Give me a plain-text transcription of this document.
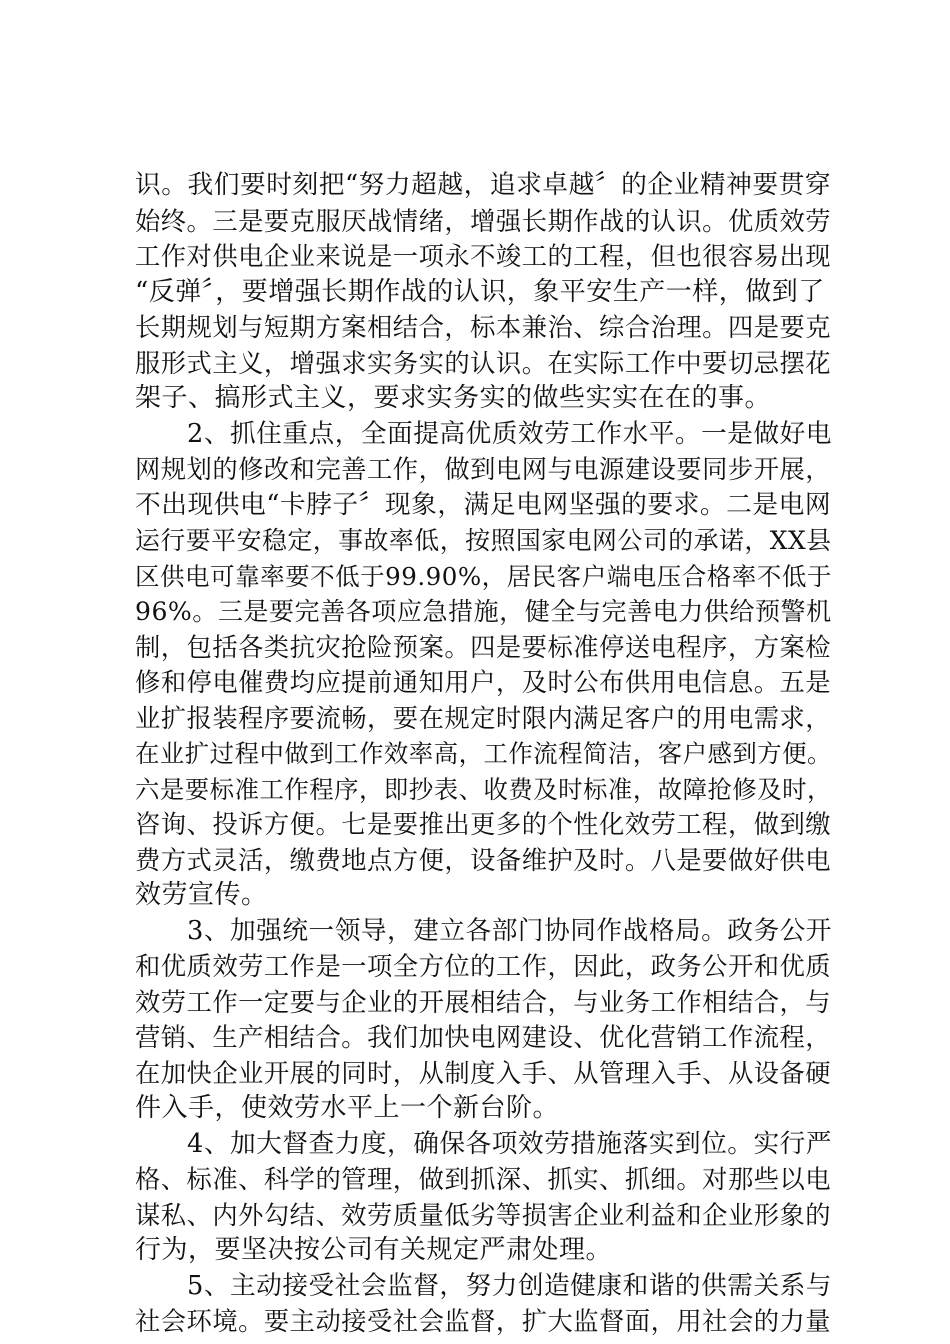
识。我们要时刻把“努力超越，追求卓越〞的企业精神要贯穿
始终。三是要克服厌战情绪，增强长期作战的认识。优质效劳
工作对供电企业来说是一项永不竣工的工程，但也很容易出现
“反弹〞，要增强长期作战的认识，象平安生产一样，做到了
长期规划与短期方案相结合，标本兼治、综合治理。四是要克
服形式主义，增强求实务实的认识。在实际工作中要切忌摆花
架子、搞形式主义，要求实务实的做些实实在在的事。
2、抓住重点，全面提高优质效劳工作水平。一是做好电
网规划的修改和完善工作，做到电网与电源建设要同步开展，
不出现供电“卡脖子〞现象，满足电网坚强的要求。二是电网
运行要平安稳定，事故率低，按照国家电网公司的承诺，XX县
区供电可靠率要不低于99.90%，居民客户端电压合格率不低于
96%。三是要完善各项应急措施，健全与完善电力供给预警机
制，包括各类抗灾抢险预案。四是要标准停送电程序，方案检
修和停电催费均应提前通知用户，及时公布供用电信息。五是
业扩报装程序要流畅，要在规定时限内满足客户的用电需求，
在业扩过程中做到工作效率高，工作流程简洁，客户感到方便。
六是要标准工作程序，即抄表、收费及时标准，故障抢修及时，
咨询、投诉方便。七是要推出更多的个性化效劳工程，做到缴
费方式灵活，缴费地点方便，设备维护及时。八是要做好供电
效劳宣传。
3、加强统一领导，建立各部门协同作战格局。政务公开
和优质效劳工作是一项全方位的工作，因此，政务公开和优质
效劳工作一定要与企业的开展相结合，与业务工作相结合，与
营销、生产相结合。我们加快电网建设、优化营销工作流程，
在加快企业开展的同时，从制度入手、从管理入手、从设备硬
件入手，使效劳水平上一个新台阶。
4、加大督查力度，确保各项效劳措施落实到位。实行严
格、标准、科学的管理，做到抓深、抓实、抓细。对那些以电
谋私、内外勾结、效劳质量低劣等损害企业利益和企业形象的
行为，要坚决按公司有关规定严肃处理。
5、主动接受社会监督，努力创造健康和谐的供需关系与
社会环境。要主动接受社会监督，扩大监督面，用社会的力量
